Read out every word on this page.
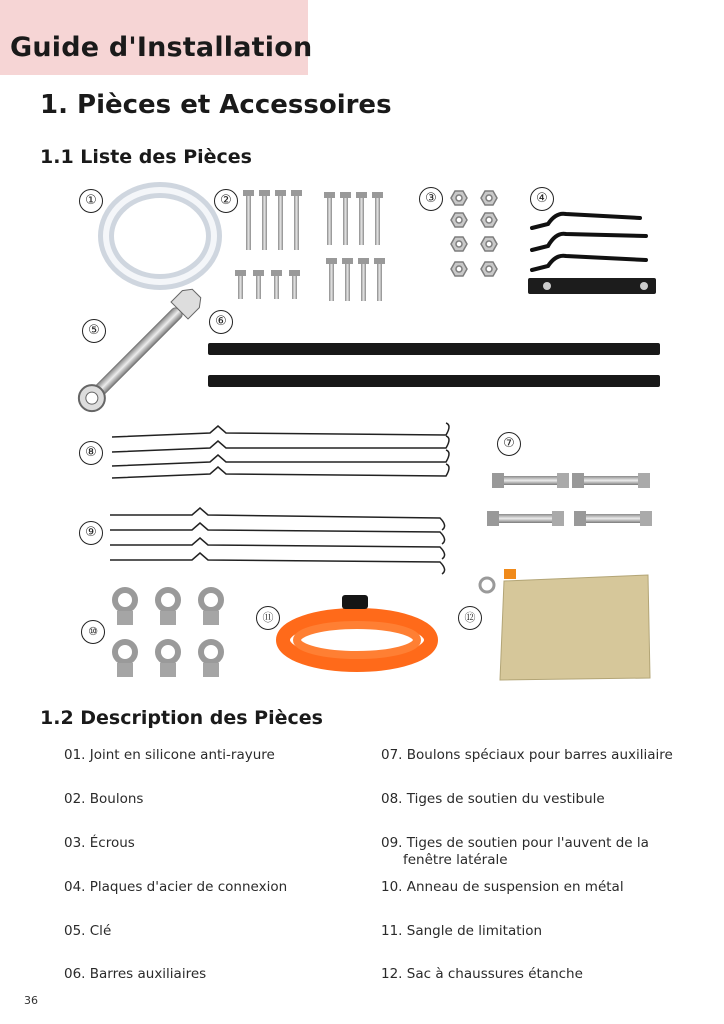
Guide d'Installation
1. Pièces et Accessoires
1.1 Liste des Pièces
①	②	③	④
⑤
⑥
⑦
⑧
⑨
⑩
⑪	⑫
1.2 Description des Pièces
01. Joint en silicone anti-rayure
02. Boulons
03. Écrous
04. Plaques d'acier de connexion
05. Clé
06. Barres auxiliaires
07. Boulons spéciaux pour barres auxiliaire
08. Tiges de soutien du vestibule
09. Tiges de soutien pour l'auvent de la
fenêtre latérale
10. Anneau de suspension en métal
11. Sangle de limitation
12. Sac à chaussures étanche
36
